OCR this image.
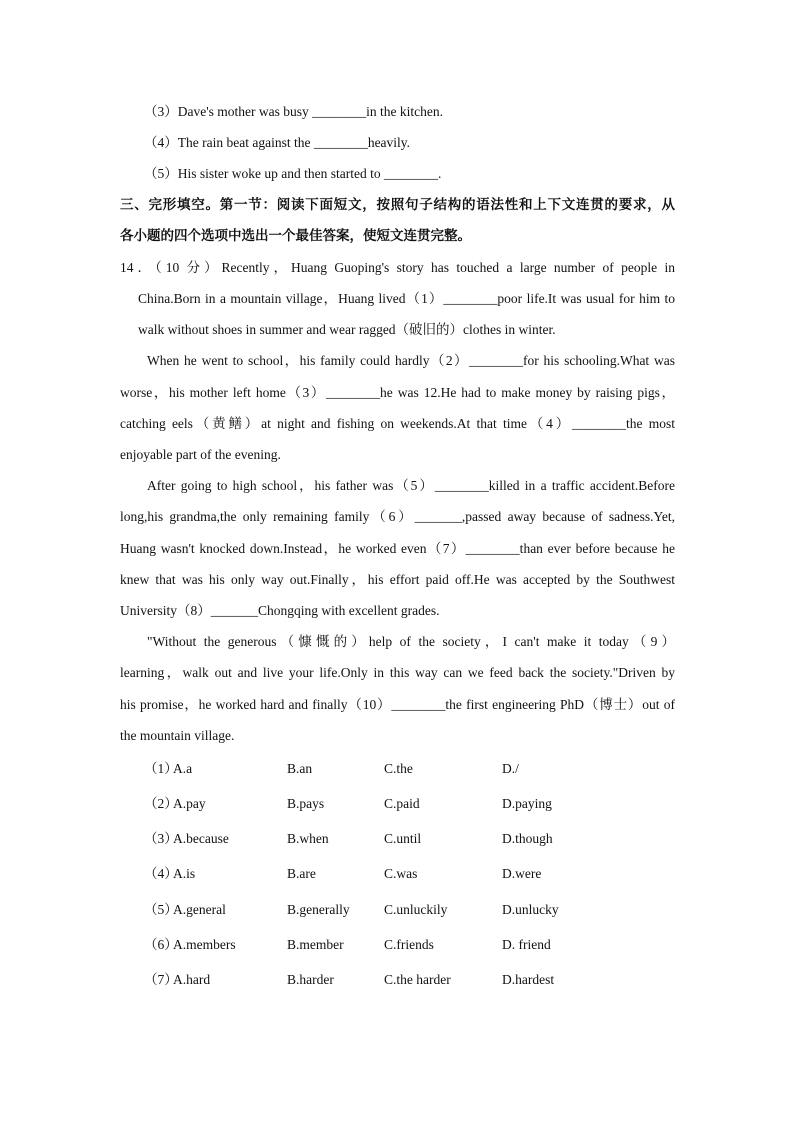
（3）Dave's mother was busy ________in the kitchen.
（4）The rain beat against the ________heavily.
（5）His sister woke up and then started to ________.
三、完形填空。第一节：阅读下面短文，按照句子结构的语法性和上下文连贯的要求，从
各小题的四个选项中选出一个最佳答案，使短文连贯完整。
14．（10 分）Recently，Huang Guoping's story has touched a large number of people in
China.Born in a mountain village，Huang lived（1）________poor life.It was usual for him to
walk without shoes in summer and wear ragged（破旧的）clothes in winter.
When he went to school，his family could hardly（2）________for his schooling.What was
worse，his mother left home（3）________he was 12.He had to make money by raising pigs，
catching eels（黄鳝）at night and fishing on weekends.At that time（4）________the most
enjoyable part of the evening.
After going to high school，his father was（5）________killed in a traffic accident.Before
long,his grandma,the only remaining family（6）_______,passed away because of sadness.Yet,
Huang wasn't knocked down.Instead，he worked even（7）________than ever before because he
knew that was his only way out.Finally，his effort paid off.He was accepted by the Southwest
University（8）_______Chongqing with excellent grades.
"Without the generous（慷慨的）help of the society，I can't make it today（9）
learning，walk out and live your life.Only in this way can we feed back the society."Driven by
his promise，he worked hard and finally（10）________the first engineering PhD（博士）out of
the mountain village.
（1）
A.a	B.an	C.the	D./
（2）
A.pay	B.pays	C.paid	D.paying
（3）
A.because	B.when	C.until	D.though
（4）
A.is	B.are	C.was	D.were
（5）
A.general	B.generally	C.unluckily	D.unlucky
（6）
A.members	B.member	C.friends	D. friend
（7）
A.hard	B.harder	C.the harder	D.hardest
